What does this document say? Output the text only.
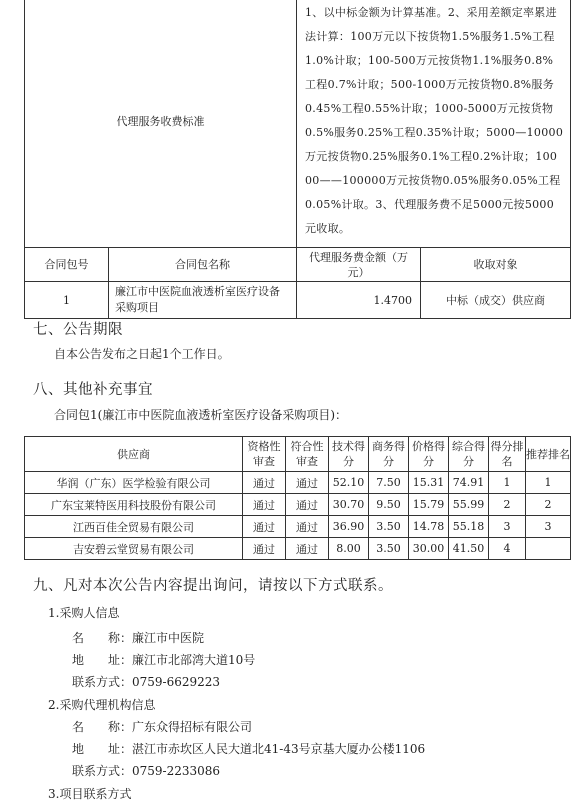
代理服务收费标准		1、以中标金额为计算基准。2、采用差额定率累进法计算：100万元以下按货物1.5%服务1.5%工程1.0%计取；100-500万元按货物1.1%服务0.8%工程0.7%计取；500-1000万元按货物0.8%服务0.45%工程0.55%计取；1000-5000万元按货物0.5%服务0.25%工程0.35%计取；5000—10000万元按货物0.25%服务0.1%工程0.2%计取；10000——100000万元按货物0.05%服务0.05%工程0.05%计取。3、代理服务费不足5000元按5000元收取。	
合同包号	合同包名称	代理服务费金额（万元）	收取对象
1	廉江市中医院血液透析室医疗设备采购项目	1.4700	中标（成交）供应商
七、公告期限
自本公告发布之日起1个工作日。
八、其他补充事宜
合同包1(廉江市中医院血液透析室医疗设备采购项目)：
供应商	资格性审查	符合性审查	技术得分	商务得分	价格得分	综合得分	得分排名	推荐排名
华润（广东）医学检验有限公司	通过	通过	52.10	7.50	15.31	74.91	1	1
广东宝莱特医用科技股份有限公司	通过	通过	30.70	9.50	15.79	55.99	2	2
江西百佳全贸易有限公司	通过	通过	36.90	3.50	14.78	55.18	3	3
吉安碧云堂贸易有限公司	通过	通过	8.00	3.50	30.00	41.50	4	
九、凡对本次公告内容提出询问，请按以下方式联系。
1.采购人信息
名　　称：廉江市中医院
地　　址：廉江市北部湾大道10号
联系方式：0759-6629223
2.采购代理机构信息
名　　称：广东众得招标有限公司
地　　址：湛江市赤坎区人民大道北41-43号京基大厦办公楼1106
联系方式：0759-2233086
3.项目联系方式
